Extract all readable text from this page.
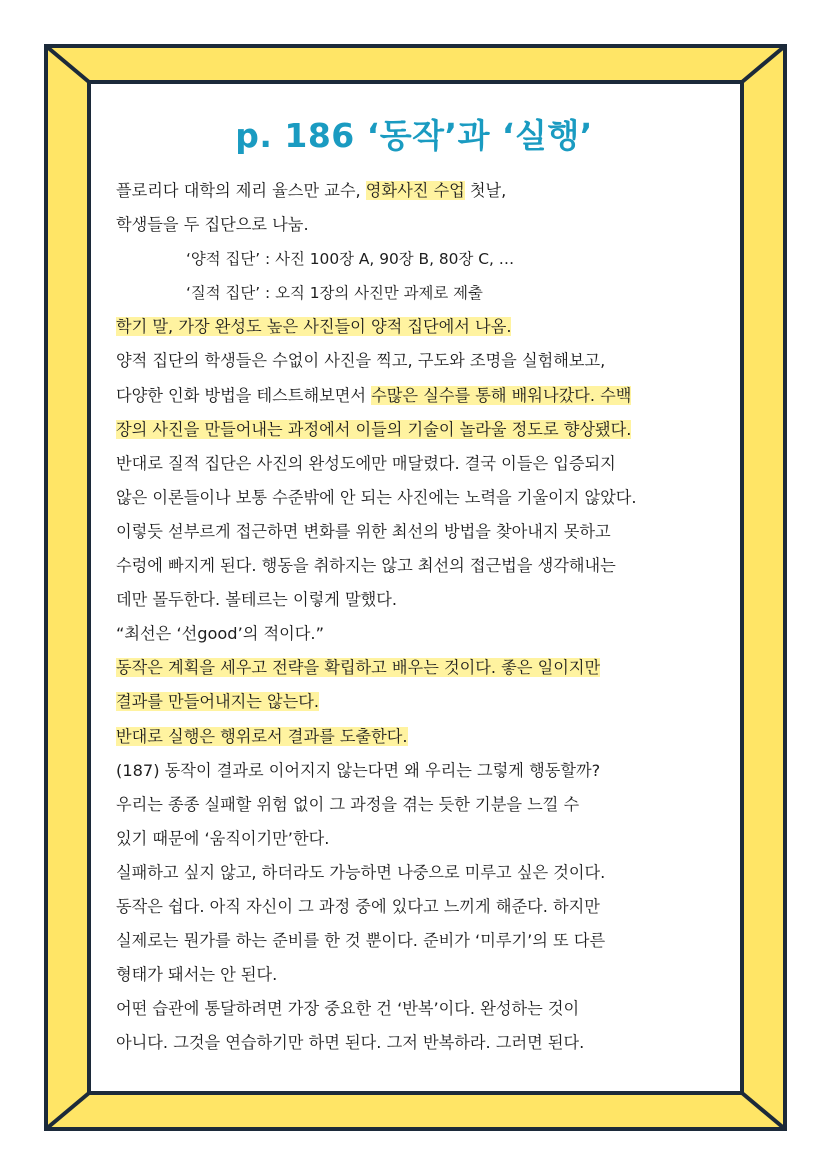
p. 186 ‘동작’과 ‘실행’
플로리다 대학의 제리 율스만 교수, 영화사진 수업 첫날,
학생들을 두 집단으로 나눔.
‘양적 집단’ : 사진 100장 A, 90장 B, 80장 C, …
‘질적 집단’ : 오직 1장의 사진만 과제로 제출
학기 말, 가장 완성도 높은 사진들이 양적 집단에서 나옴.
양적 집단의 학생들은 수없이 사진을 찍고, 구도와 조명을 실험해보고,
다양한 인화 방법을 테스트해보면서 수많은 실수를 통해 배워나갔다. 수백
장의 사진을 만들어내는 과정에서 이들의 기술이 놀라울 정도로 향상됐다.
반대로 질적 집단은 사진의 완성도에만 매달렸다. 결국 이들은 입증되지
않은 이론들이나 보통 수준밖에 안 되는 사진에는 노력을 기울이지 않았다.
이렇듯 섣부르게 접근하면 변화를 위한 최선의 방법을 찾아내지 못하고
수렁에 빠지게 된다. 행동을 취하지는 않고 최선의 접근법을 생각해내는
데만 몰두한다. 볼테르는 이렇게 말했다.
“최선은 ‘선good’의 적이다.”
동작은 계획을 세우고 전략을 확립하고 배우는 것이다. 좋은 일이지만
결과를 만들어내지는 않는다.
반대로 실행은 행위로서 결과를 도출한다.
(187) 동작이 결과로 이어지지 않는다면 왜 우리는 그렇게 행동할까?
우리는 종종 실패할 위험 없이 그 과정을 겪는 듯한 기분을 느낄 수
있기 때문에 ‘움직이기만’한다.
실패하고 싶지 않고, 하더라도 가능하면 나중으로 미루고 싶은 것이다.
동작은 쉽다. 아직 자신이 그 과정 중에 있다고 느끼게 해준다. 하지만
실제로는 뭔가를 하는 준비를 한 것 뿐이다. 준비가 ‘미루기’의 또 다른
형태가 돼서는 안 된다.
어떤 습관에 통달하려면 가장 중요한 건 ‘반복’이다. 완성하는 것이
아니다. 그것을 연습하기만 하면 된다. 그저 반복하라. 그러면 된다.
